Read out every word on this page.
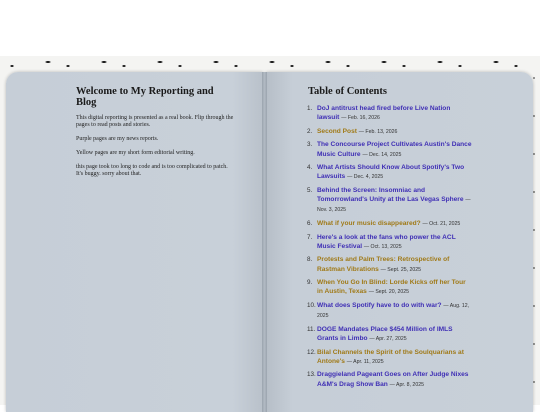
Welcome to My Reporting and Blog

This digital reporting is presented as a real book. Flip through the pages to read posts and stories.

Purple pages are my news reports.

Yellow pages are my short form editorial writing.

this page took too long to code and is too complicated to patch. It's buggy. sorry about that.

Table of Contents
1. DoJ antitrust head fired before Live Nation lawsuit — Feb. 16, 2026
2. Second Post — Feb. 13, 2026
3. The Concourse Project Cultivates Austin's Dance Music Culture — Dec. 14, 2025
4. What Artists Should Know About Spotify's Two Lawsuits — Dec. 4, 2025
5. Behind the Screen: Insomniac and Tomorrowland's Unity at the Las Vegas Sphere — Nov. 3, 2025
6. What if your music disappeared? — Oct. 21, 2025
7. Here's a look at the fans who power the ACL Music Festival — Oct. 13, 2025
8. Protests and Palm Trees: Retrospective of Rastman Vibrations — Sept. 25, 2025
9. When You Go In Blind: Lorde Kicks off her Tour in Austin, Texas — Sept. 20, 2025
10. What does Spotify have to do with war? — Aug. 12, 2025
11. DOGE Mandates Place $454 Million of IMLS Grants in Limbo — Apr. 27, 2025
12. Bilal Channels the Spirit of the Soulquarians at Antone's — Apr. 11, 2025
13. Draggieland Pageant Goes on After Judge Nixes A&M's Drag Show Ban — Apr. 8, 2025
